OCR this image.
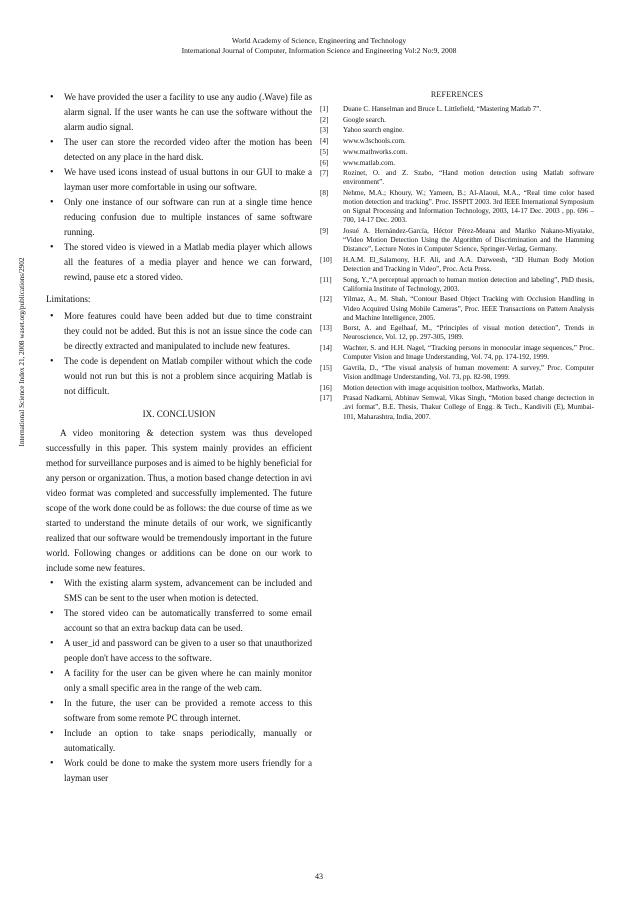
World Academy of Science, Engineering and Technology
International Journal of Computer, Information Science and Engineering Vol:2 No:9, 2008
International Science Index 21, 2008 waset.org/publications/2902
• We have provided the user a facility to use any audio (.Wave) file as alarm signal. If the user wants he can use the software without the alarm audio signal.
• The user can store the recorded video after the motion has been detected on any place in the hard disk.
• We have used icons instead of usual buttons in our GUI to make a layman user more comfortable in using our software.
• Only one instance of our software can run at a single time hence reducing confusion due to multiple instances of same software running.
• The stored video is viewed in a Matlab media player which allows all the features of a media player and hence we can forward, rewind, pause etc a stored video.
Limitations:
• More features could have been added but due to time constraint they could not be added. But this is not an issue since the code can be directly extracted and manipulated to include new features.
• The code is dependent on Matlab compiler without which the code would not run but this is not a problem since acquiring Matlab is not difficult.
IX. CONCLUSION

A video monitoring & detection system was thus developed successfully in this paper. This system mainly provides an efficient method for surveillance purposes and is aimed to be highly beneficial for any person or organization. Thus, a motion based change detection in avi video format was completed and successfully implemented. The future scope of the work done could be as follows: the due course of time as we started to understand the minute details of our work, we significantly realized that our software would be tremendously important in the future world. Following changes or additions can be done on our work to include some new features.

• With the existing alarm system, advancement can be included and SMS can be sent to the user when motion is detected.
• The stored video can be automatically transferred to some email account so that an extra backup data can be used.
• A user_id and password can be given to a user so that unauthorized people don't have access to the software.
• A facility for the user can be given where he can mainly monitor only a small specific area in the range of the web cam.
• In the future, the user can be provided a remote access to this software from some remote PC through internet.
• Include an option to take snaps periodically, manually or automatically.
• Work could be done to make the system more users friendly for a layman user
REFERENCES
[1]	Duane C. Hanselman and Bruce L. Littlefield, “Mastering Matlab 7”.
[2]	Google search.
[3]	Yahoo search engine.
[4]	www.w3schools.com.
[5]	www.mathworks.com.
[6]	www.matlab.com.
[7]	Rozinet, O. and Z. Szabo, “Hand motion detection using Matlab software environment”.
[8]	Nehme, M.A.; Khoury, W.; Yameen, B.; Al-Alaoui, M.A., “Real time color based motion detection and tracking”. Proc. ISSPIT 2003. 3rd IEEE International Symposium on Signal Processing and Information Technology, 2003, 14-17 Dec. 2003 , pp. 696 – 700, 14-17 Dec. 2003.
[9]	Josué A. Hernández-García, Héctor Pérez-Meana and Mariko Nakano-Miyatake, “Video Motion Detection Using the Algorithm of Discrimination and the Hamming Distance”, Lecture Notes in Computer Science, Springer-Verlag, Germany.
[10]	H.A.M. El_Salamony, H.F. Ali, and A.A. Darweesh, “3D Human Body Motion Detection and Tracking in Video”, Proc. Acta Press.
[11]	Song, Y.,“A perceptual approach to human motion detection and labeling”, PhD thesis, California Institute of Technology, 2003.
[12]	Yilmaz, A., M. Shah, “Contour Based Object Tracking with Occlusion Handling in Video Acquired Using Mobile Cameras”, Proc. IEEE Transactions on Pattern Analysis and Machine Intelligence, 2005.
[13]	Borst, A. and Egelhaaf, M., “Principles of visual motion detection”, Trends in Neuroscience, Vol. 12, pp. 297-305, 1989.
[14]	Wachter, S. and H.H. Nagel, “Tracking persons in monocular image sequences,” Proc. Computer Vision and Image Understanding, Vol. 74, pp. 174-192, 1999.
[15]	Gavrila, D., “The visual analysis of human movement: A survey,” Proc. Computer Vision andImage Understanding, Vol. 73, pp. 82-98, 1999.
[16]	Motion detection with image acquisition toolbox, Mathworks, Matlab.
[17]	Prasad Nadkarni, Abhinav Semwal, Vikas Singh, “Motion based change dectection in .avi format”, B.E. Thesis, Thakur College of Engg. & Tech., Kandivili (E), Mumbai-101, Maharashtra, India, 2007.
43
